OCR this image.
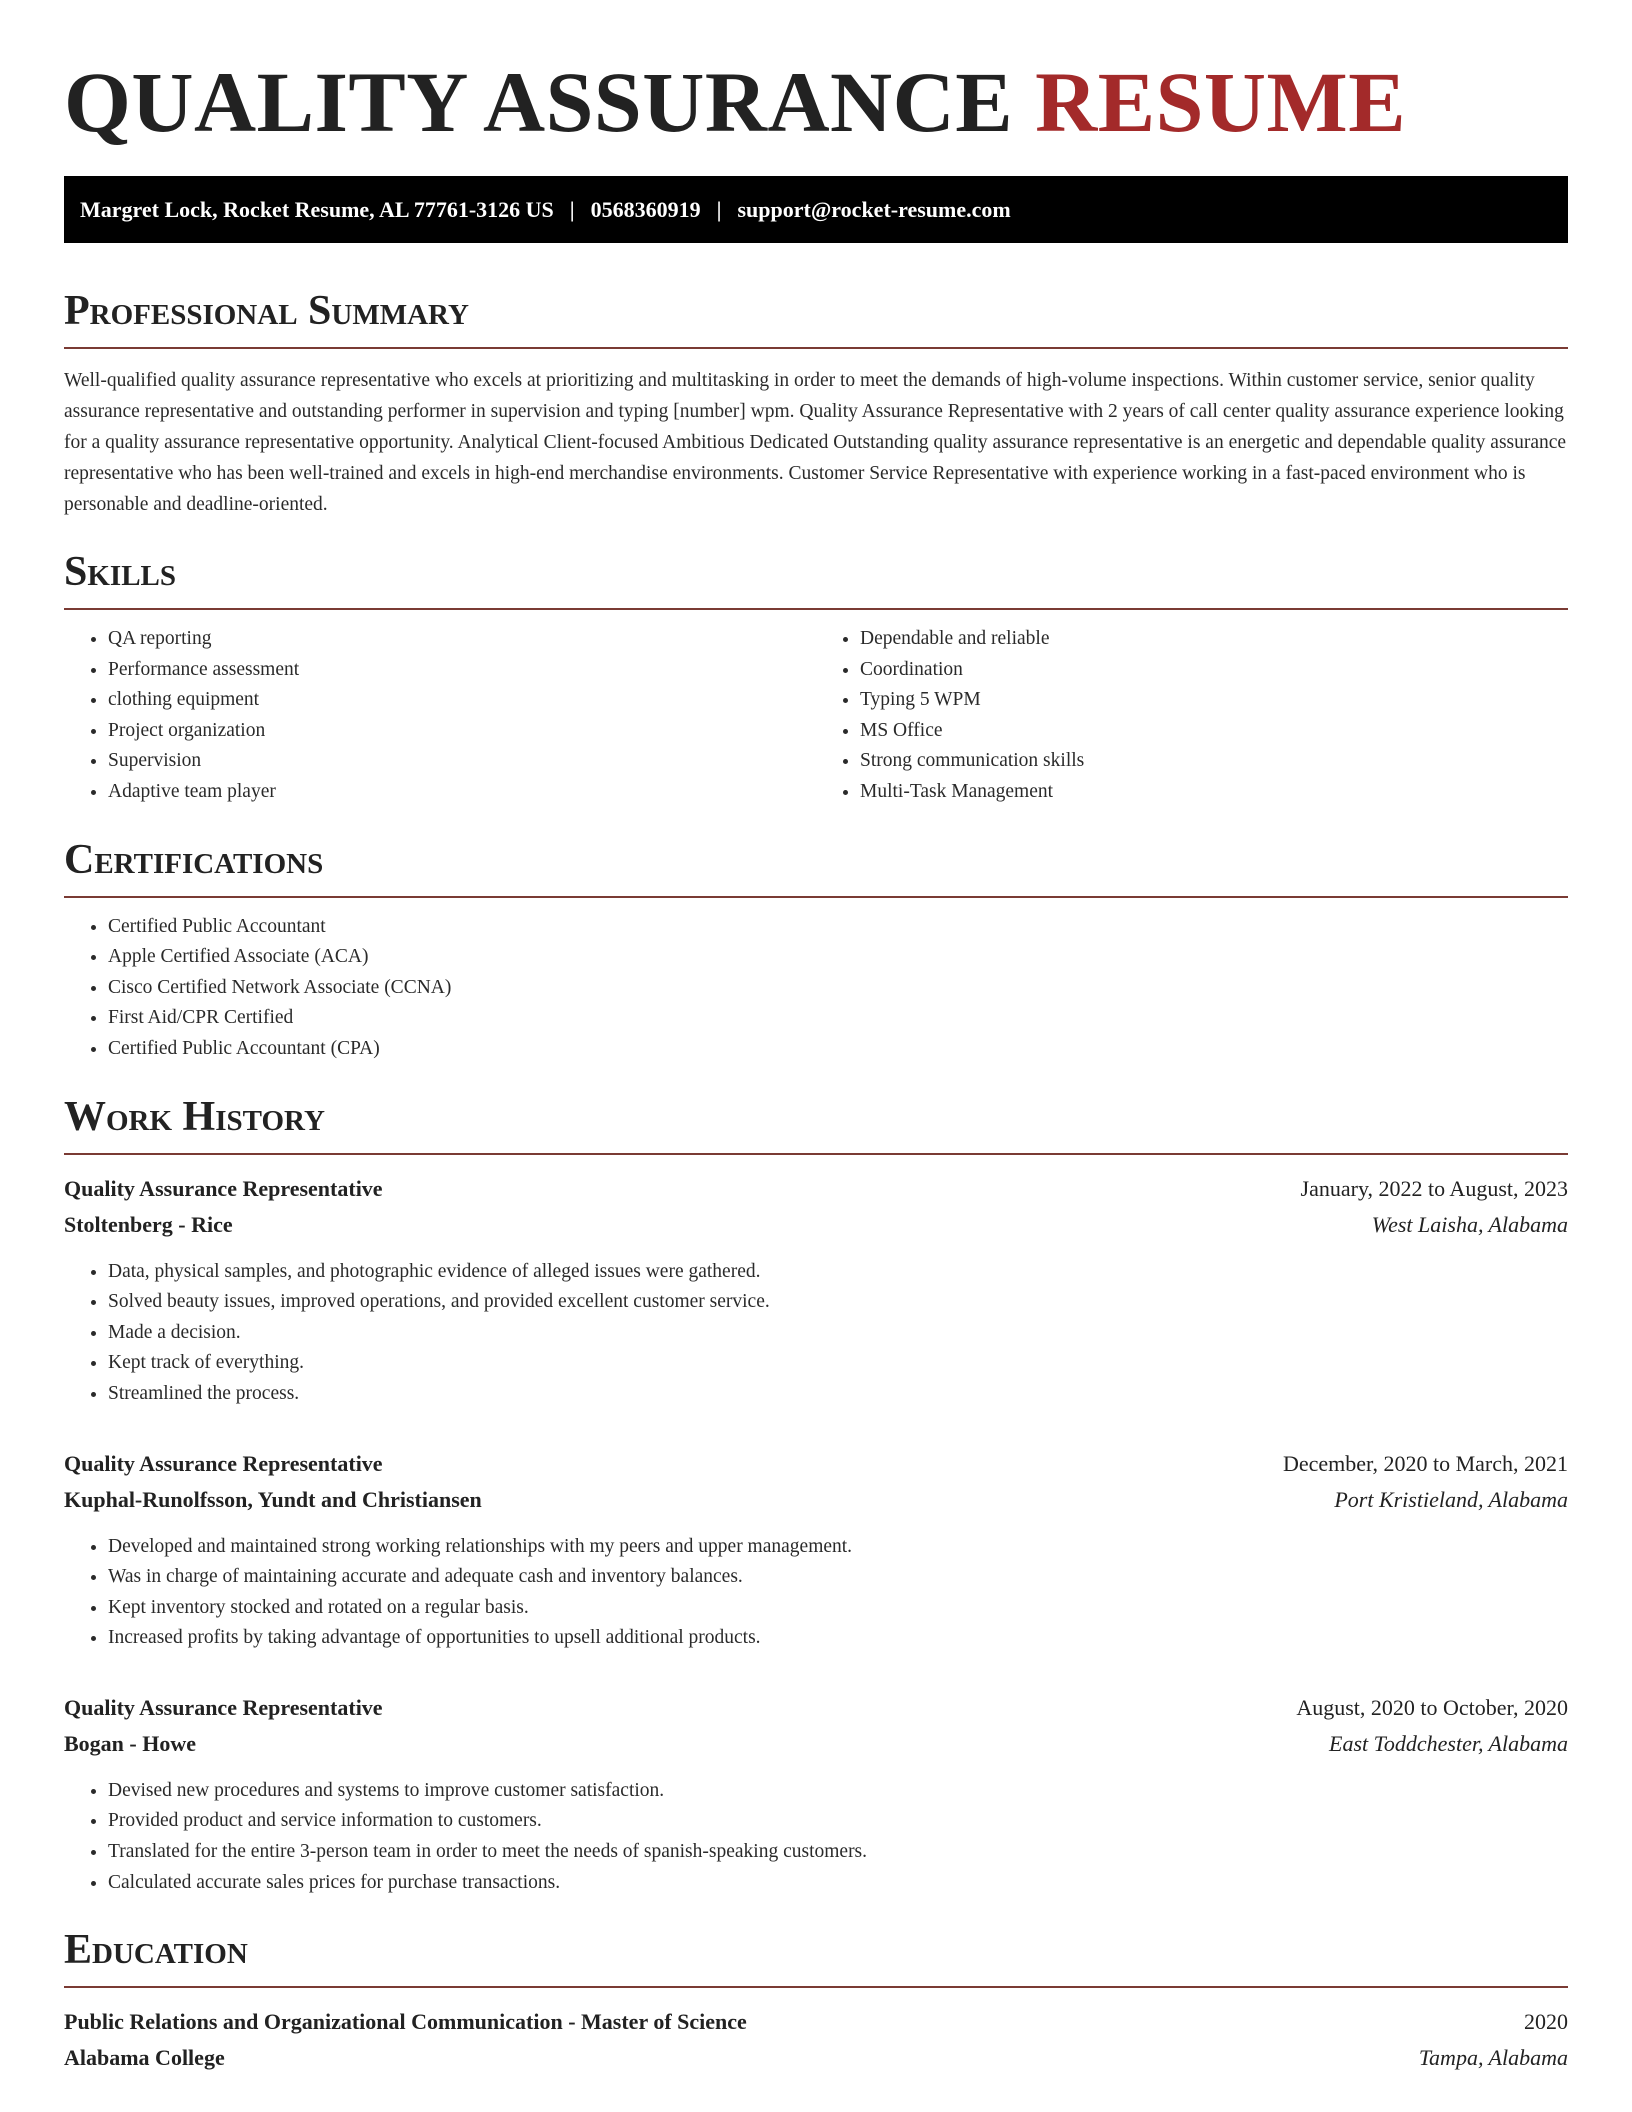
QUALITY ASSURANCE RESUME
Margret Lock, Rocket Resume, AL 77761-3126 US | 0568360919 | support@rocket-resume.com
Professional Summary

Well-qualified quality assurance representative who excels at prioritizing and multitasking in order to meet the demands of high-volume inspections. Within customer service, senior quality assurance representative and outstanding performer in supervision and typing [number] wpm. Quality Assurance Representative with 2 years of call center quality assurance experience looking for a quality assurance representative opportunity. Analytical Client-focused Ambitious Dedicated Outstanding quality assurance representative is an energetic and dependable quality assurance representative who has been well-trained and excels in high-end merchandise environments. Customer Service Representative with experience working in a fast-paced environment who is personable and deadline-oriented.

Skills
• QA reporting
• Performance assessment
• clothing equipment
• Project organization
• Supervision
• Adaptive team player
• Dependable and reliable
• Coordination
• Typing 5 WPM
• MS Office
• Strong communication skills
• Multi-Task Management
Certifications
• Certified Public Accountant
• Apple Certified Associate (ACA)
• Cisco Certified Network Associate (CCNA)
• First Aid/CPR Certified
• Certified Public Accountant (CPA)
Work History
Quality Assurance Representative	January, 2022 to August, 2023
Stoltenberg - Rice	West Laisha, Alabama
• Data, physical samples, and photographic evidence of alleged issues were gathered.
• Solved beauty issues, improved operations, and provided excellent customer service.
• Made a decision.
• Kept track of everything.
• Streamlined the process.
Quality Assurance Representative	December, 2020 to March, 2021
Kuphal-Runolfsson, Yundt and Christiansen	Port Kristieland, Alabama
• Developed and maintained strong working relationships with my peers and upper management.
• Was in charge of maintaining accurate and adequate cash and inventory balances.
• Kept inventory stocked and rotated on a regular basis.
• Increased profits by taking advantage of opportunities to upsell additional products.
Quality Assurance Representative	August, 2020 to October, 2020
Bogan - Howe	East Toddchester, Alabama
• Devised new procedures and systems to improve customer satisfaction.
• Provided product and service information to customers.
• Translated for the entire 3-person team in order to meet the needs of spanish-speaking customers.
• Calculated accurate sales prices for purchase transactions.
Education
Public Relations and Organizational Communication - Master of Science	2020
Alabama College	Tampa, Alabama
